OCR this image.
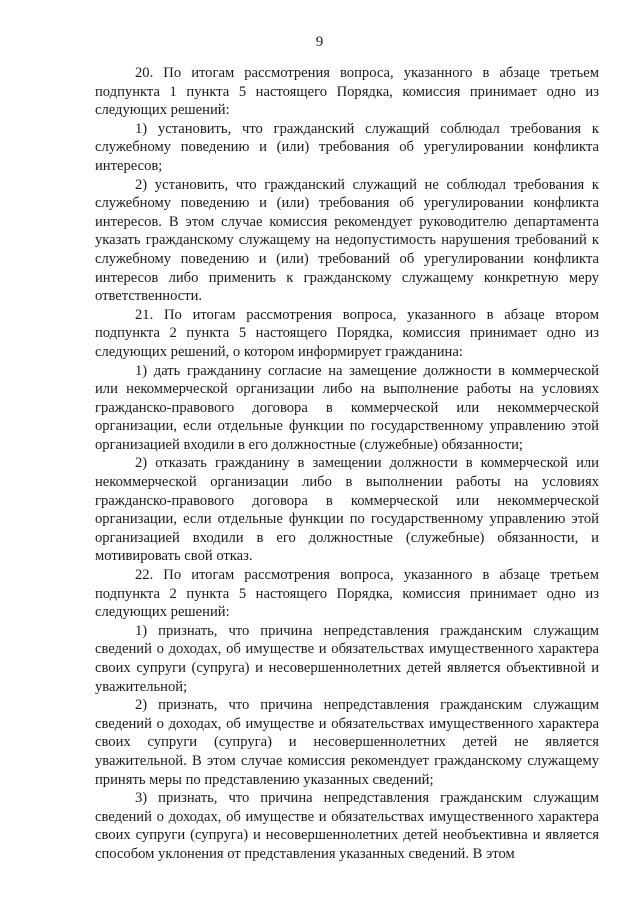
9

20. По итогам рассмотрения вопроса, указанного в абзаце третьем подпункта 1 пункта 5 настоящего Порядка, комиссия принимает одно из следующих решений:

1) установить, что гражданский служащий соблюдал требования к служебному поведению и (или) требования об урегулировании конфликта интересов;

2) установить, что гражданский служащий не соблюдал требования к служебному поведению и (или) требования об урегулировании конфликта интересов. В этом случае комиссия рекомендует руководителю департамента указать гражданскому служащему на недопустимость нарушения требований к служебному поведению и (или) требований об урегулировании конфликта интересов либо применить к гражданскому служащему конкретную меру ответственности.

21. По итогам рассмотрения вопроса, указанного в абзаце втором подпункта 2 пункта 5 настоящего Порядка, комиссия принимает одно из следующих решений, о котором информирует гражданина:

1) дать гражданину согласие на замещение должности в коммерческой или некоммерческой организации либо на выполнение работы на условиях гражданско-правового договора в коммерческой или некоммерческой организации, если отдельные функции по государственному управлению этой организацией входили в его должностные (служебные) обязанности;

2) отказать гражданину в замещении должности в коммерческой или некоммерческой организации либо в выполнении работы на условиях гражданско-правового договора в коммерческой или некоммерческой организации, если отдельные функции по государственному управлению этой организацией входили в его должностные (служебные) обязанности, и мотивировать свой отказ.

22. По итогам рассмотрения вопроса, указанного в абзаце третьем подпункта 2 пункта 5 настоящего Порядка, комиссия принимает одно из следующих решений:

1) признать, что причина непредставления гражданским служащим сведений о доходах, об имуществе и обязательствах имущественного характера своих супруги (супруга) и несовершеннолетних детей является объективной и уважительной;

2) признать, что причина непредставления гражданским служащим сведений о доходах, об имуществе и обязательствах имущественного характера своих супруги (супруга) и несовершеннолетних детей не является уважительной. В этом случае комиссия рекомендует гражданскому служащему принять меры по представлению указанных сведений;

3) признать, что причина непредставления гражданским служащим сведений о доходах, об имуществе и обязательствах имущественного характера своих супруги (супруга) и несовершеннолетних детей необъективна и является способом уклонения от представления указанных сведений. В этом
